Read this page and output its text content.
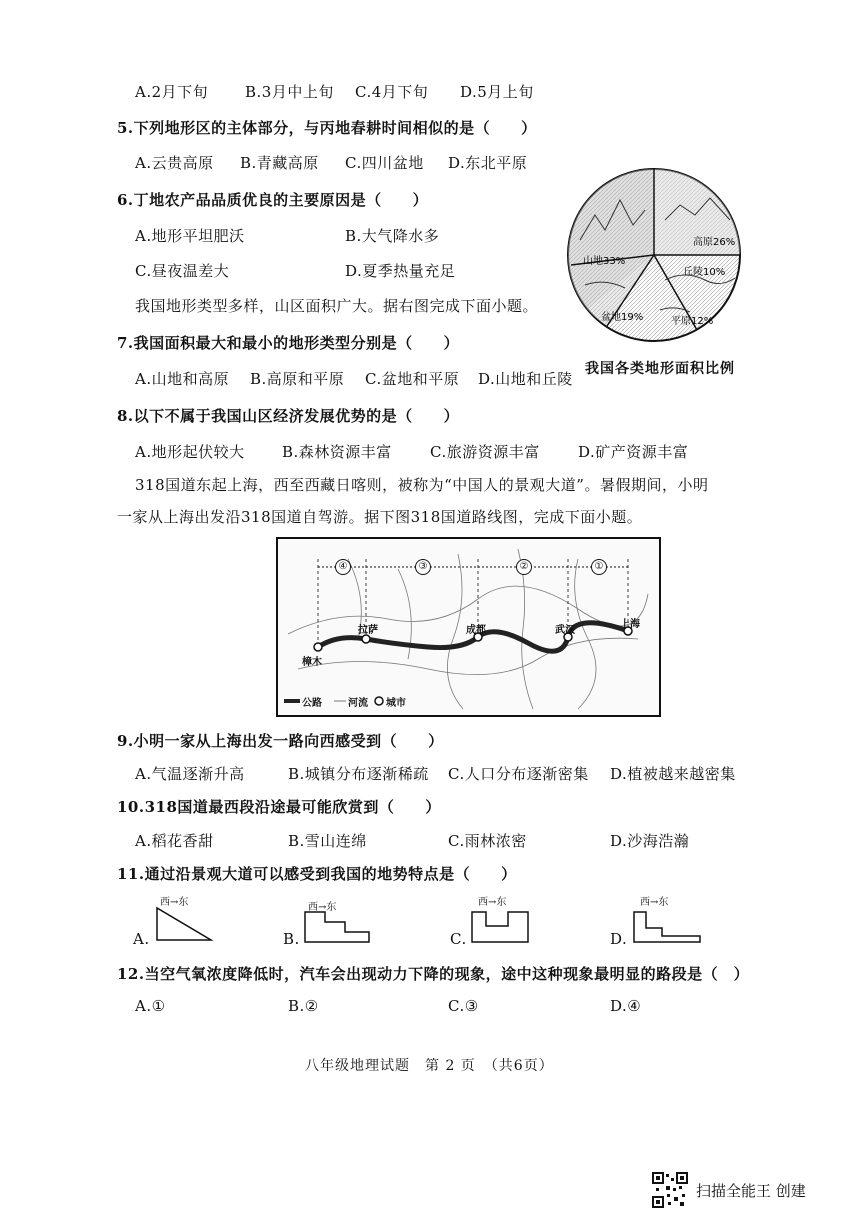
A.2月下旬 B.3月中上旬 C.4月下旬 D.5月上旬
5.下列地形区的主体部分，与丙地春耕时间相似的是（　　）
A.云贵高原 B.青藏高原 C.四川盆地 D.东北平原
6.丁地农产品品质优良的主要原因是（　　）
A.地形平坦肥沃	B.大气降水多
C.昼夜温差大	D.夏季热量充足
我国地形类型多样，山区面积广大。据右图完成下面小题。
高原26%
山地33%
丘陵10%
盆地19%	平原12%
我国各类地形面积比例
7.我国面积最大和最小的地形类型分别是（　　）
A.山地和高原 B.高原和平原 C.盆地和平原 D.山地和丘陵
8.以下不属于我国山区经济发展优势的是（　　）
A.地形起伏较大 B.森林资源丰富	C.旅游资源丰富	D.矿产资源丰富
318国道东起上海，西至西藏日喀则，被称为“中国人的景观大道”。暑假期间，小明
一家从上海出发沿318国道自驾游。据下图318国道路线图，完成下面小题。
④	③	②	①
拉萨	成都	武汉
上海
樟木
公路	河流 城市
9.小明一家从上海出发一路向西感受到（　　）
A.气温逐渐升高	B.城镇分布逐渐稀疏 C.人口分布逐渐密集 D.植被越来越密集
10.318国道最西段沿途最可能欣赏到（　　）
A.稻花香甜	B.雪山连绵	C.雨林浓密	D.沙海浩瀚
11.通过沿景观大道可以感受到我国的地势特点是（　　）
A.
西→东
B.
西→东
C.
西→东
D.
西→东
12.当空气氧浓度降低时，汽车会出现动力下降的现象，途中这种现象最明显的路段是（　）
A.①	B.②	C.③	D.④
八年级地理试题　第 2 页　（共6页）
扫描全能王 创建
